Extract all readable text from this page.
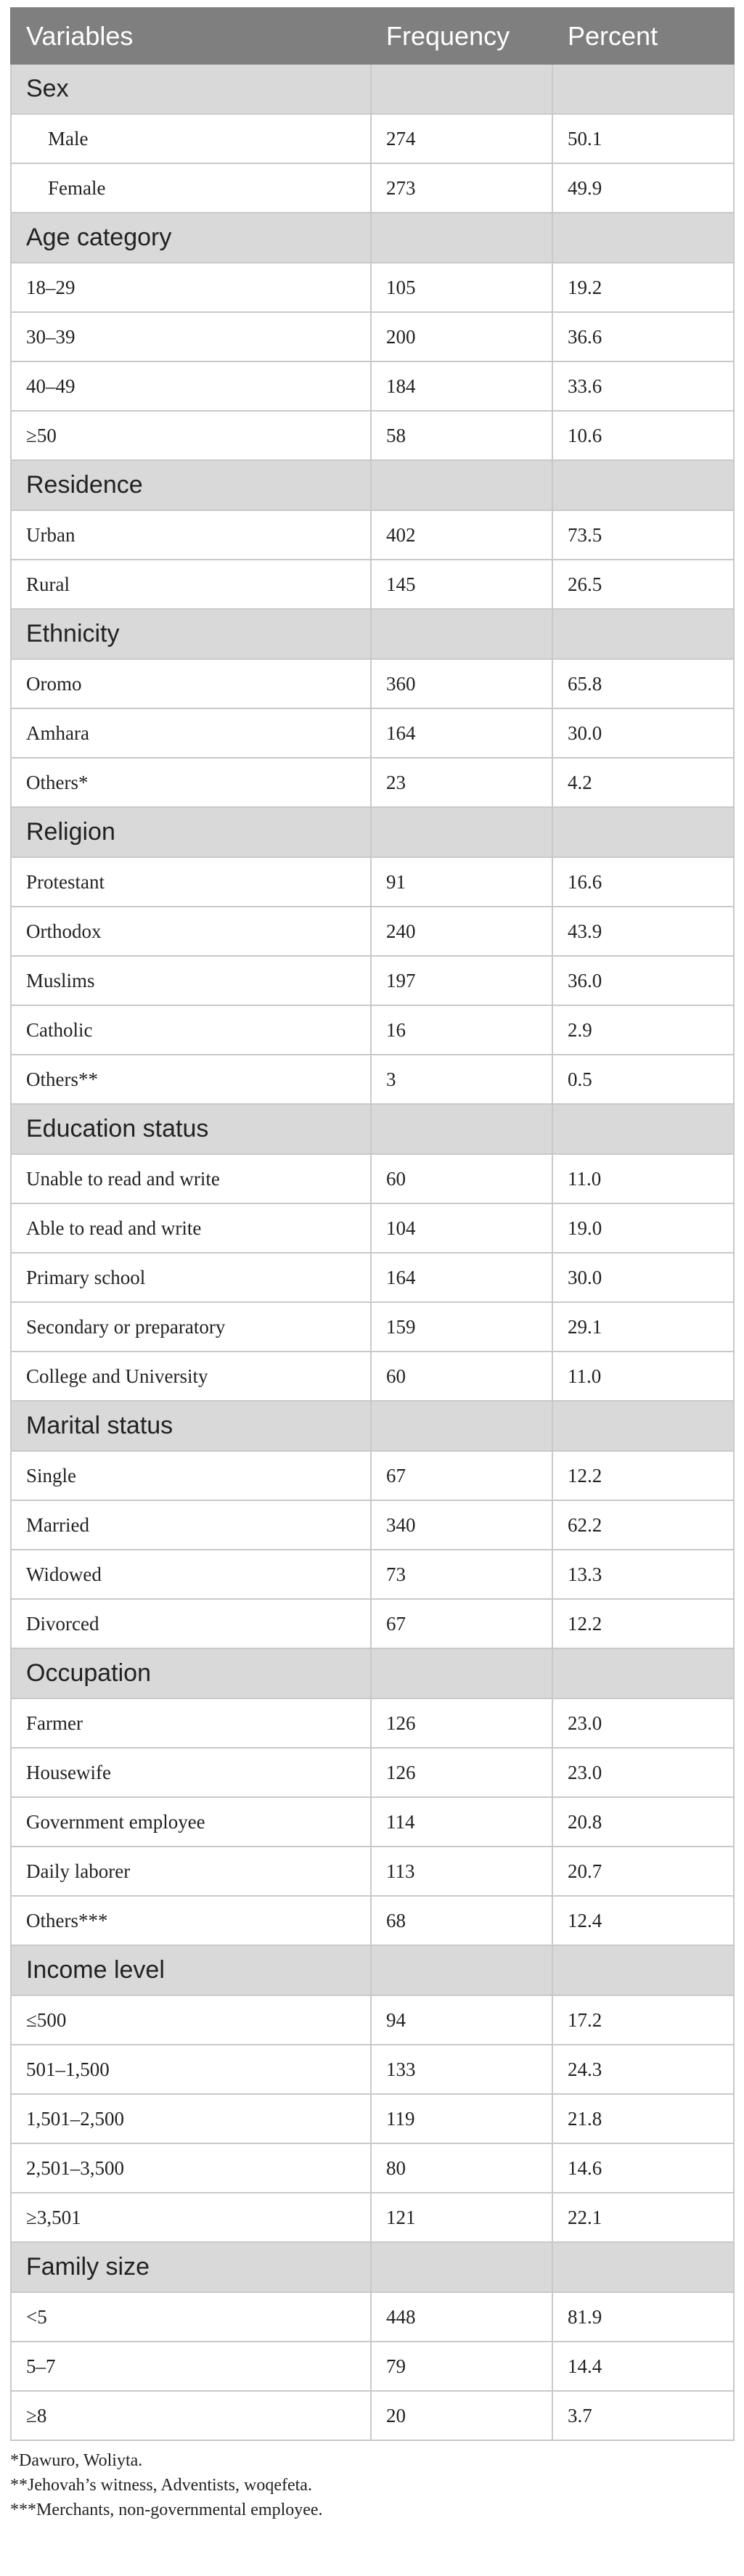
Variables	Frequency	Percent
Sex		
Male	274	50.1
Female	273	49.9
Age category		
18–29	105	19.2
30–39	200	36.6
40–49	184	33.6
≥50	58	10.6
Residence		
Urban	402	73.5
Rural	145	26.5
Ethnicity		
Oromo	360	65.8
Amhara	164	30.0
Others*	23	4.2
Religion		
Protestant	91	16.6
Orthodox	240	43.9
Muslims	197	36.0
Catholic	16	2.9
Others**	3	0.5
Education status		
Unable to read and write	60	11.0
Able to read and write	104	19.0
Primary school	164	30.0
Secondary or preparatory	159	29.1
College and University	60	11.0
Marital status		
Single	67	12.2
Married	340	62.2
Widowed	73	13.3
Divorced	67	12.2
Occupation		
Farmer	126	23.0
Housewife	126	23.0
Government employee	114	20.8
Daily laborer	113	20.7
Others***	68	12.4
Income level		
≤500	94	17.2
501–1,500	133	24.3
1,501–2,500	119	21.8
2,501–3,500	80	14.6
≥3,501	121	22.1
Family size		
<5	448	81.9
5–7	79	14.4
≥8	20	3.7
*Dawuro, Woliyta.
**Jehovah’s witness, Adventists, woqefeta.
***Merchants, non-governmental employee.
